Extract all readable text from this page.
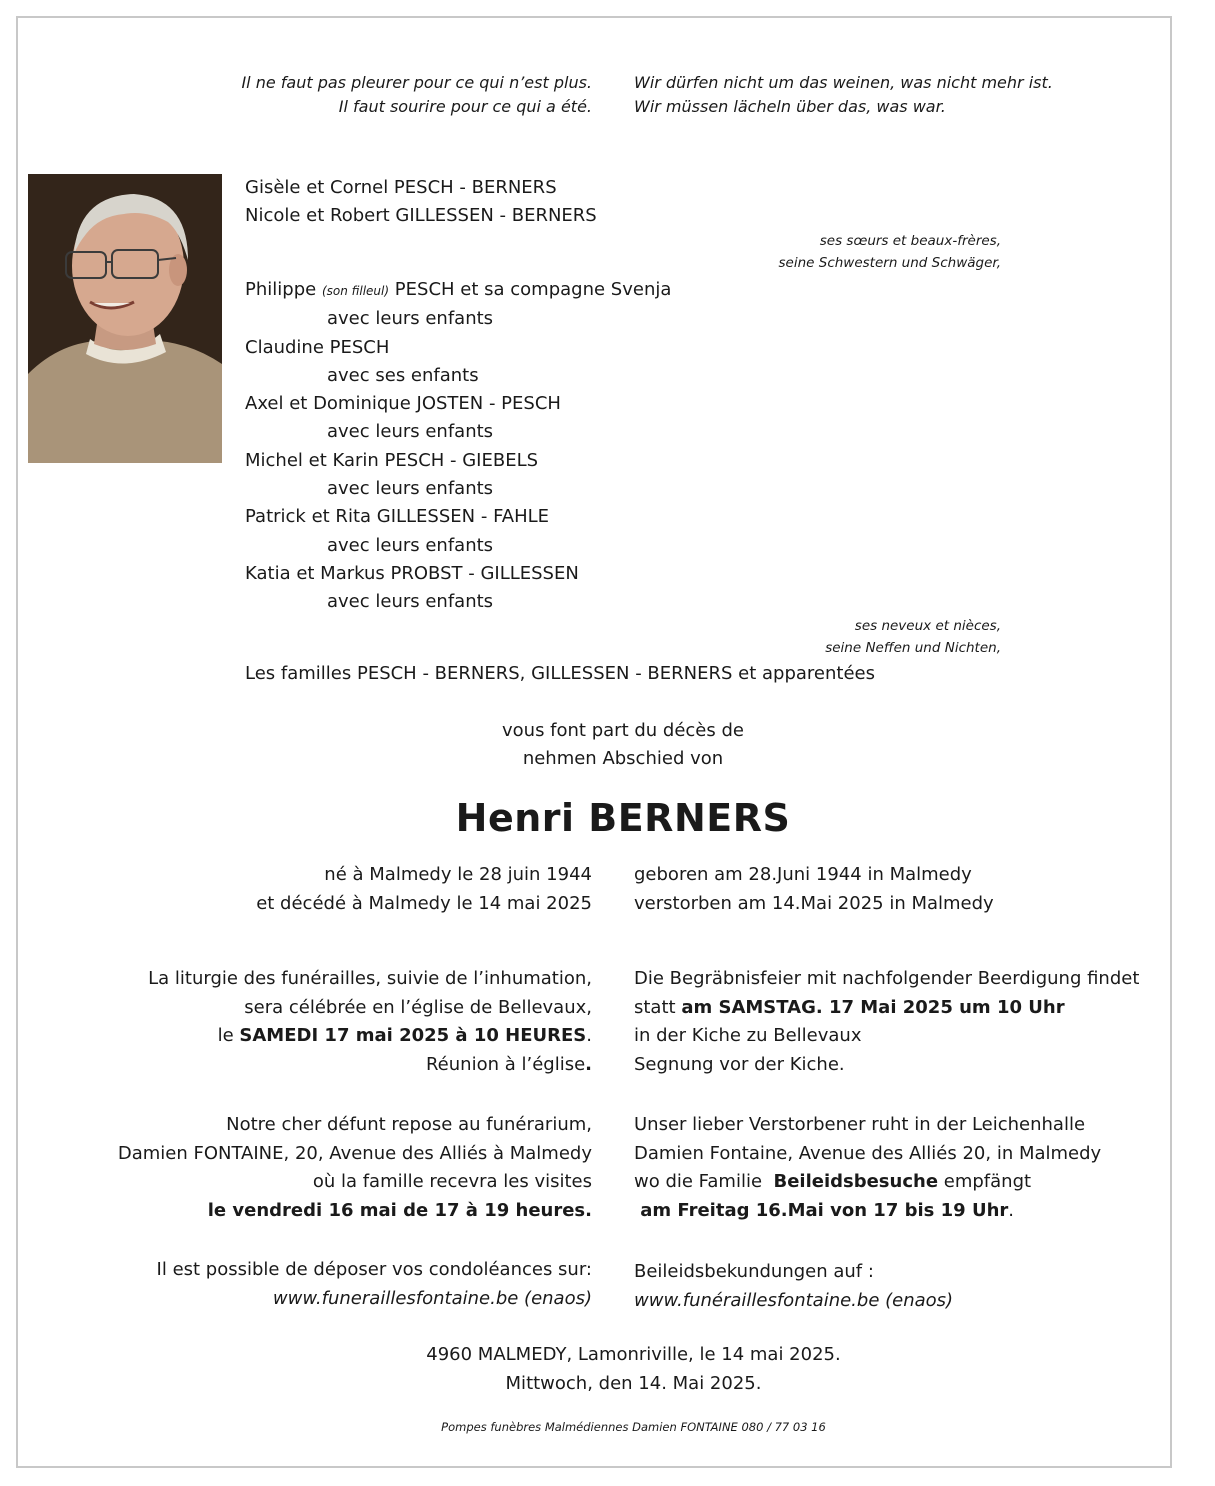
Il ne faut pas pleurer pour ce qui n’est plus.
Il faut sourire pour ce qui a été.
Wir dürfen nicht um das weinen, was nicht mehr ist.
Wir müssen lächeln über das, was war.
Gisèle et Cornel PESCH - BERNERS
Nicole et Robert GILLESSEN - BERNERS
ses sœurs et beaux-frères,
seine Schwestern und Schwäger,
Philippe (son filleul) PESCH et sa compagne Svenja
avec leurs enfants
Claudine PESCH
avec ses enfants
Axel et Dominique JOSTEN - PESCH
avec leurs enfants
Michel et Karin PESCH - GIEBELS
avec leurs enfants
Patrick et Rita GILLESSEN - FAHLE
avec leurs enfants
Katia et Markus PROBST - GILLESSEN
avec leurs enfants
ses neveux et nièces,
seine Neffen und Nichten,
Les familles PESCH - BERNERS, GILLESSEN - BERNERS et apparentées
vous font part du décès de
nehmen Abschied von
Henri BERNERS
né à Malmedy le 28 juin 1944
et décédé à Malmedy le 14 mai 2025
geboren am 28.Juni 1944 in Malmedy
verstorben am 14.Mai 2025 in Malmedy
La liturgie des funérailles, suivie de l’inhumation,
sera célébrée en l’église de Bellevaux,
le SAMEDI 17 mai 2025 à 10 HEURES.
Réunion à l’église.
Die Begräbnisfeier mit nachfolgender Beerdigung findet
statt am SAMSTAG. 17 Mai 2025 um 10 Uhr
in der Kiche zu Bellevaux
Segnung vor der Kiche.
Notre cher défunt repose au funérarium,
Damien FONTAINE, 20, Avenue des Alliés à Malmedy
où la famille recevra les visites
le vendredi 16 mai de 17 à 19 heures.
Unser lieber Verstorbener ruht in der Leichenhalle
Damien Fontaine, Avenue des Alliés 20, in Malmedy
wo die Familie  Beileidsbesuche empfängt
am Freitag 16.Mai von 17 bis 19 Uhr.
Il est possible de déposer vos condoléances sur:
www.funeraillesfontaine.be (enaos)
Beileidsbekundungen auf :
www.funéraillesfontaine.be (enaos)
4960 MALMEDY, Lamonriville, le 14 mai 2025.
Mittwoch, den 14. Mai 2025.
Pompes funèbres Malmédiennes Damien FONTAINE 080 / 77 03 16
